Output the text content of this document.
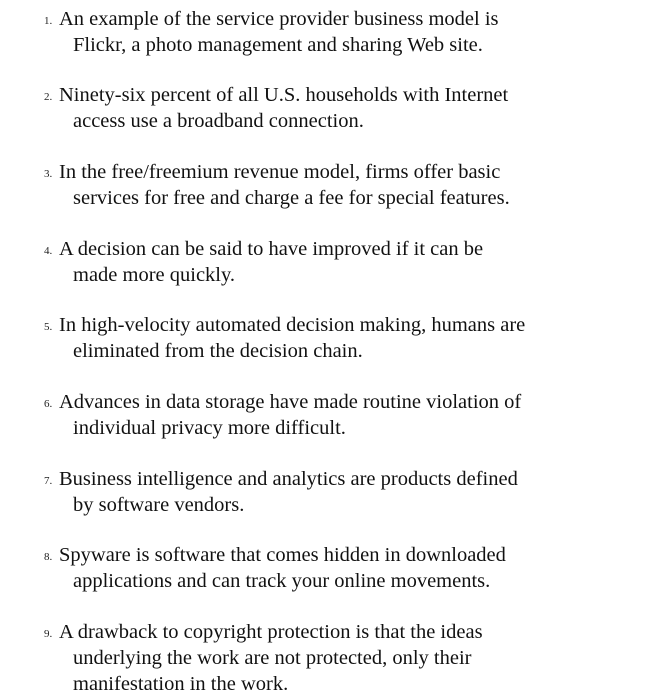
1. An example of the service provider business model is
Flickr, a photo management and sharing Web site.
2. Ninety-six percent of all U.S. households with Internet
access use a broadband connection.
3. In the free/freemium revenue model, firms offer basic
services for free and charge a fee for special features.
4. A decision can be said to have improved if it can be
made more quickly.
5. In high-velocity automated decision making, humans are
eliminated from the decision chain.
6. Advances in data storage have made routine violation of
individual privacy more difficult.
7. Business intelligence and analytics are products defined
by software vendors.
8. Spyware is software that comes hidden in downloaded
applications and can track your online movements.
9. A drawback to copyright protection is that the ideas
underlying the work are not protected, only their
manifestation in the work.
